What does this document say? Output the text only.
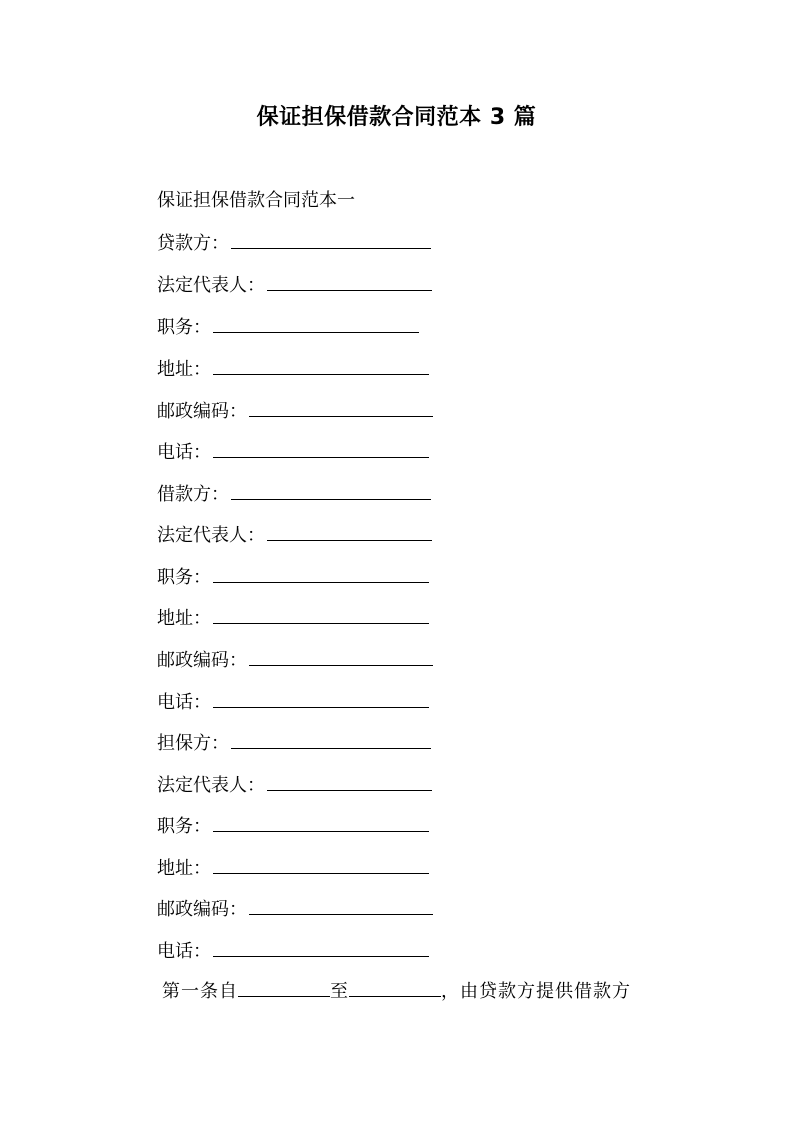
保证担保借款合同范本 3 篇
保证担保借款合同范本一
贷款方：
法定代表人：
职务：
地址：
邮政编码：
电话：
借款方：
法定代表人：
职务：
地址：
邮政编码：
电话：
担保方：
法定代表人：
职务：
地址：
邮政编码：
电话：
第一条自	至	，由贷款方提供借款方
